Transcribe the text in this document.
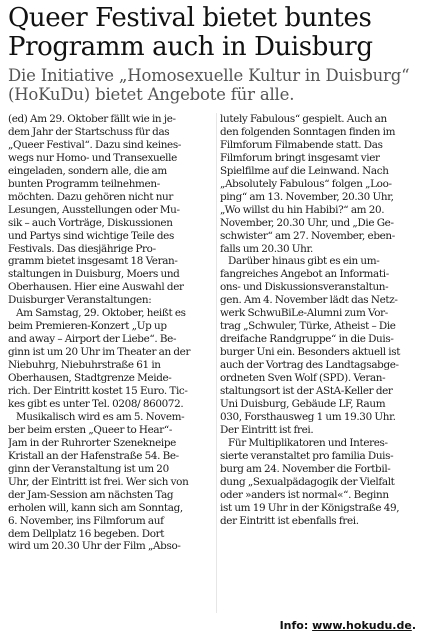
Queer Festival bietet buntes
Programm auch in Duisburg
Die Initiative „Homosexuelle Kultur in Duisburg“
(HoKuDu) bietet Angebote für alle.
(ed) Am 29. Oktober fällt wie in je-
dem Jahr der Startschuss für das
„Queer Festival“. Dazu sind keines-
wegs nur Homo- und Transexuelle
eingeladen, sondern alle, die am
bunten Programm teilnehmen-
möchten. Dazu gehören nicht nur
Lesungen, Ausstellungen oder Mu-
sik – auch Vorträge, Diskussionen
und Partys sind wichtige Teile des
Festivals. Das diesjährige Pro-
gramm bietet insgesamt 18 Veran-
staltungen in Duisburg, Moers und
Oberhausen. Hier eine Auswahl der
Duisburger Veranstaltungen:
Am Samstag, 29. Oktober, heißt es
beim Premieren-Konzert „Up up
and away – Airport der Liebe“. Be-
ginn ist um 20 Uhr im Theater an der
Niebuhrg, Niebuhrstraße 61 in
Oberhausen, Stadtgrenze Meide-
rich. Der Eintritt kostet 15 Euro. Tic-
kes gibt es unter Tel. 0208/ 860072.
Musikalisch wird es am 5. Novem-
ber beim ersten „Queer to Hear“-
Jam in der Ruhrorter Szenekneipe
Kristall an der Hafenstraße 54. Be-
ginn der Veranstaltung ist um 20
Uhr, der Eintritt ist frei. Wer sich von
der Jam-Session am nächsten Tag
erholen will, kann sich am Sonntag,
6. November, ins Filmforum auf
dem Dellplatz 16 begeben. Dort
wird um 20.30 Uhr der Film „Abso-
lutely Fabulous“ gespielt. Auch an
den folgenden Sonntagen finden im
Filmforum Filmabende statt. Das
Filmforum bringt insgesamt vier
Spielfilme auf die Leinwand. Nach
„Absolutely Fabulous“ folgen „Loo-
ping“ am 13. November, 20.30 Uhr,
„Wo willst du hin Habibi?“ am 20.
November, 20.30 Uhr, und „Die Ge-
schwister“ am 27. November, eben-
falls um 20.30 Uhr.
Darüber hinaus gibt es ein um-
fangreiches Angebot an Informati-
ons- und Diskussionsveranstaltun-
gen. Am 4. November lädt das Netz-
werk SchwuBiLe-Alumni zum Vor-
trag „Schwuler, Türke, Atheist – Die
dreifache Randgruppe“ in die Duis-
burger Uni ein. Besonders aktuell ist
auch der Vortrag des Landtagsabge-
ordneten Sven Wolf (SPD). Veran-
staltungsort ist der AStA-Keller der
Uni Duisburg, Gebäude LF, Raum
030, Forsthausweg 1 um 19.30 Uhr.
Der Eintritt ist frei.
Für Multiplikatoren und Interes-
sierte veranstaltet pro familia Duis-
burg am 24. November die Fortbil-
dung „Sexualpädagogik der Vielfalt
oder »anders ist normal«“. Beginn
ist um 19 Uhr in der Königstraße 49,
der Eintritt ist ebenfalls frei.
Info: www.hokudu.de.
